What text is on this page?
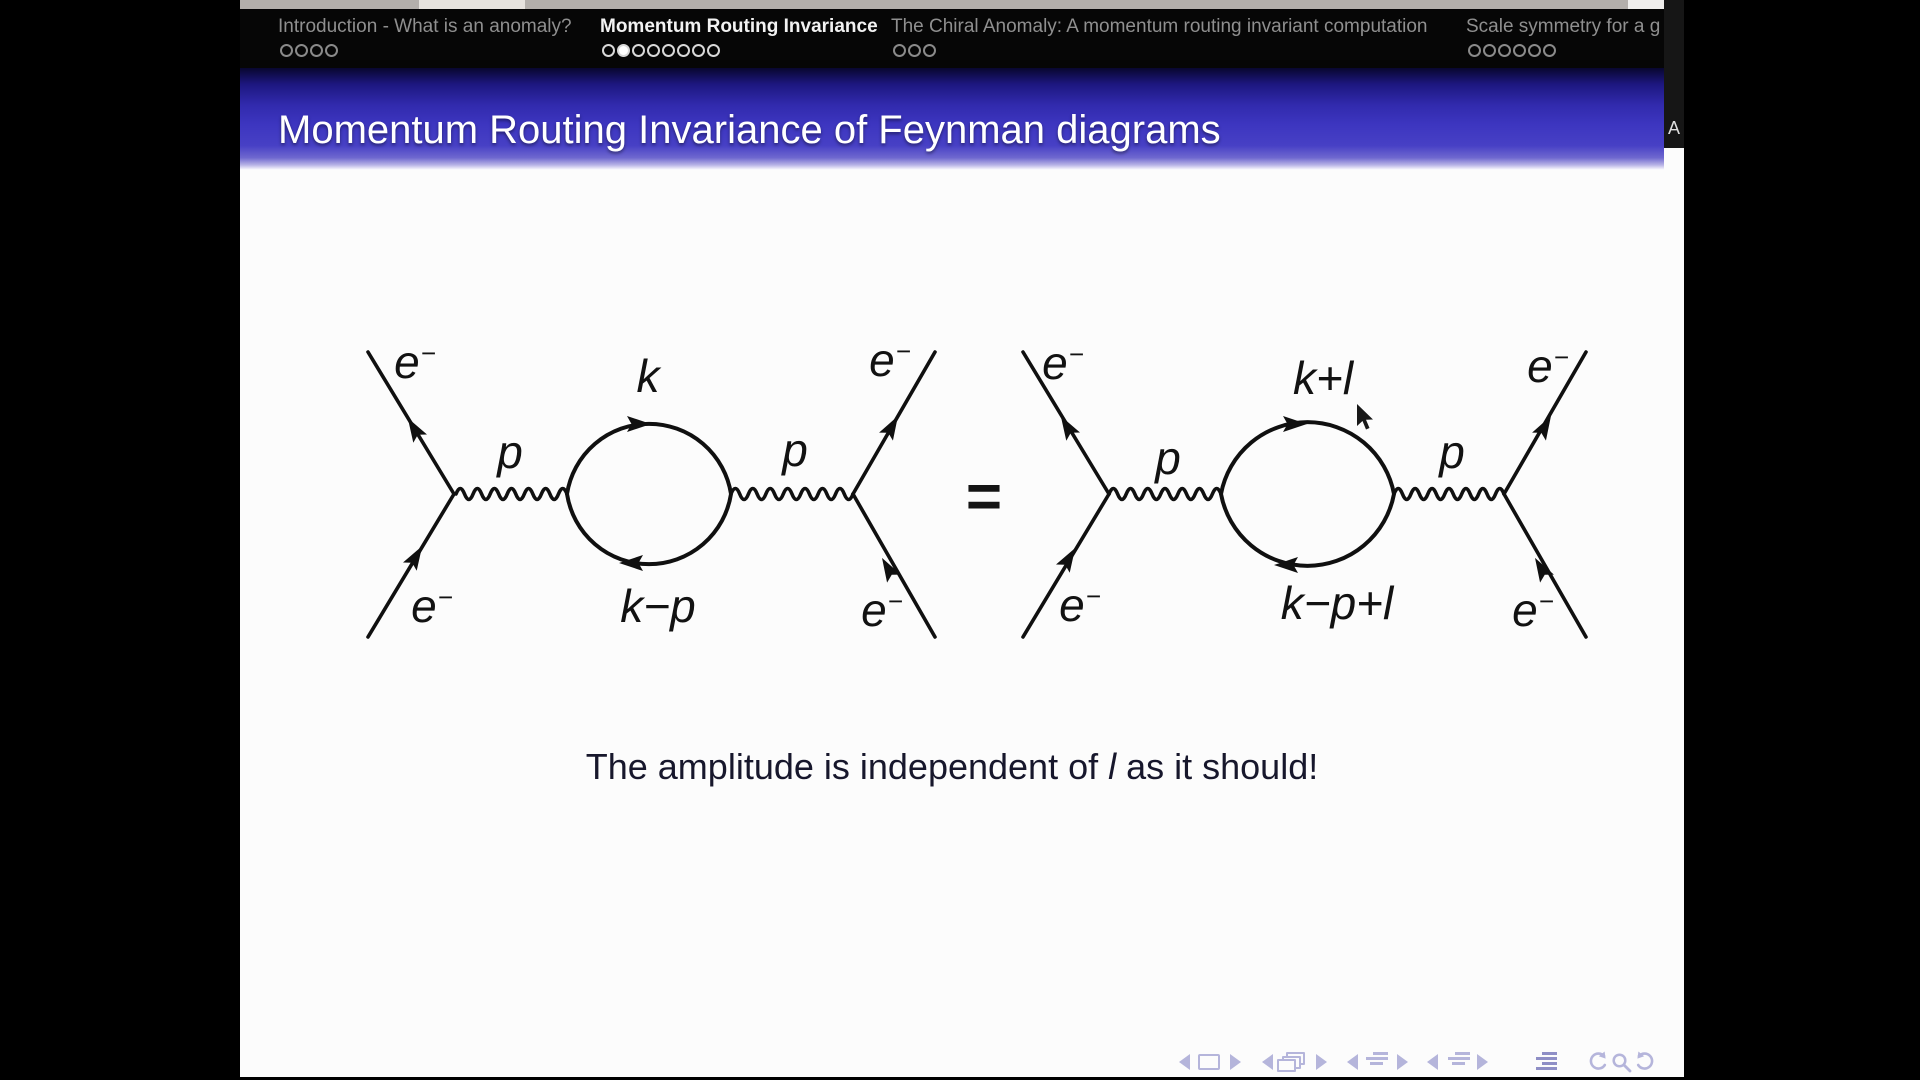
Introduction - What is an anomaly? Momentum Routing Invariance The Chiral Anomaly: A momentum routing invariant computation Scale symmetry for a g
Momentum Routing Invariance of Feynman diagrams
e−
p
k
p
e−
e−	k−p	e−
=
e−
p
k+l
p
e−
e−	k−p+l	e−
The amplitude is independent of l as it should!
A
